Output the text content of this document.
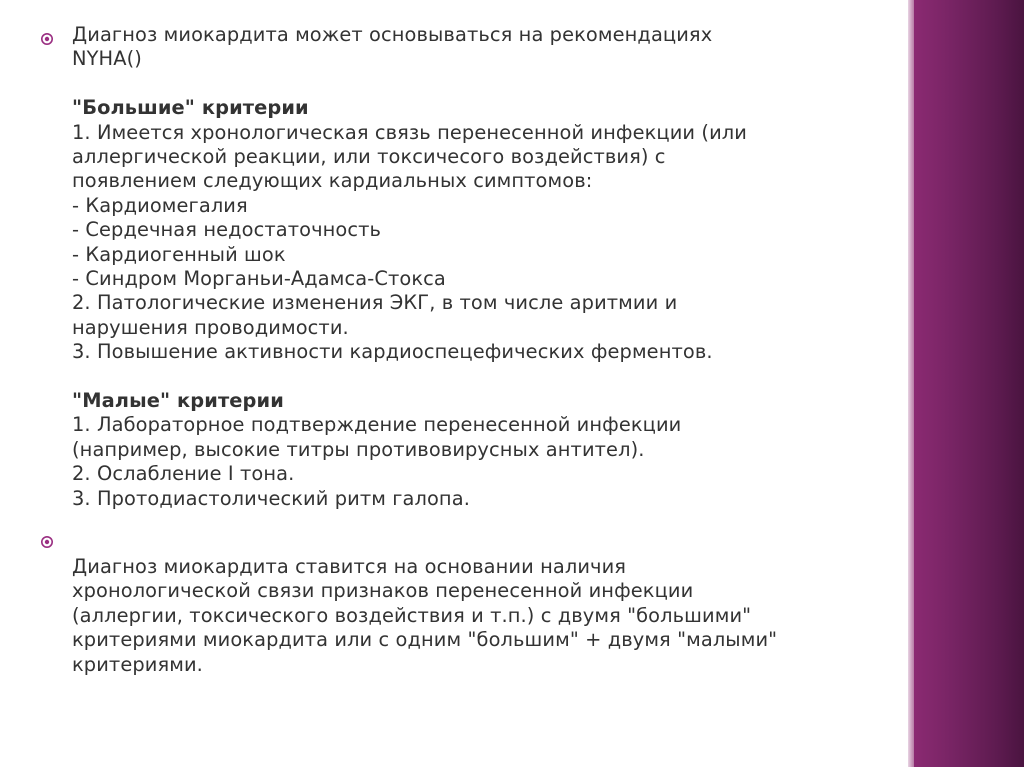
Диагноз миокардита может основываться на рекомендациях
NYHA()
"Большие" критерии
1. Имеется хронологическая связь перенесенной инфекции (или
аллергической реакции, или токсичесого воздействия) с
появлением следующих кардиальных симптомов:
- Кардиомегалия
- Сердечная недостаточность
- Кардиогенный шок
- Синдром Морганьи-Адамса-Стокса
2. Патологические изменения ЭКГ, в том числе аритмии и
нарушения проводимости.
3. Повышение активности кардиоспецефических ферментов.
"Малые" критерии
1. Лабораторное подтверждение перенесенной инфекции
(например, высокие титры противовирусных антител).
2. Ослабление I тона.
3. Протодиастолический ритм галопа.
Диагноз миокардита ставится на основании наличия
хронологической связи признаков перенесенной инфекции
(аллергии, токсического воздействия и т.п.) с двумя "большими"
критериями миокардита или с одним "большим" + двумя "малыми"
критериями.
